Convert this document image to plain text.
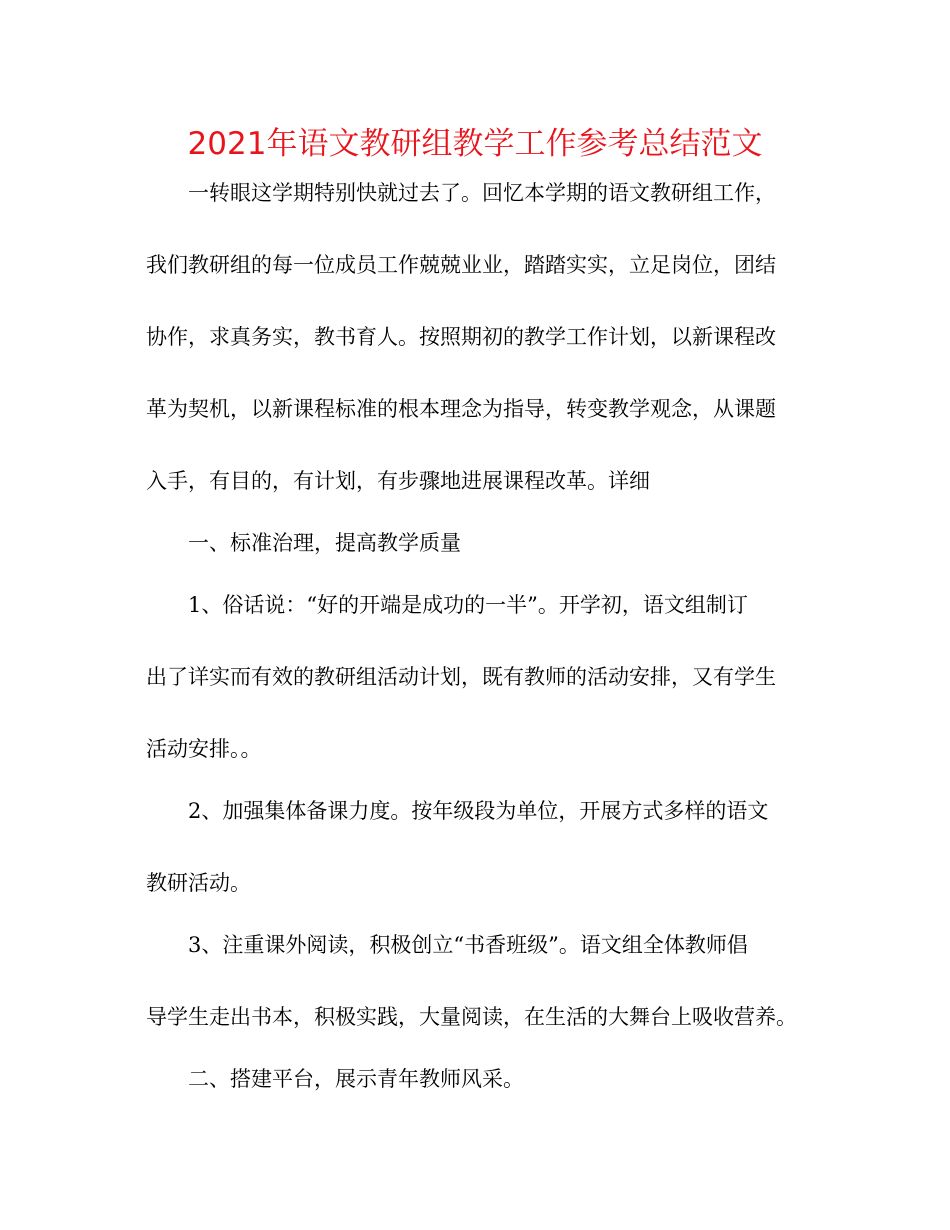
2021年语文教研组教学工作参考总结范文
一转眼这学期特别快就过去了。回忆本学期的语文教研组工作，
我们教研组的每一位成员工作兢兢业业，踏踏实实，立足岗位，团结
协作，求真务实，教书育人。按照期初的教学工作计划，以新课程改
革为契机，以新课程标准的根本理念为指导，转变教学观念，从课题
入手，有目的，有计划，有步骤地进展课程改革。详细
一、标准治理，提高教学质量
1、俗话说：“好的开端是成功的一半”。开学初，语文组制订
出了详实而有效的教研组活动计划，既有教师的活动安排，又有学生
活动安排。。
2、加强集体备课力度。按年级段为单位，开展方式多样的语文
教研活动。
3、注重课外阅读，积极创立“书香班级”。语文组全体教师倡
导学生走出书本，积极实践，大量阅读，在生活的大舞台上吸收营养。
二、搭建平台，展示青年教师风采。
